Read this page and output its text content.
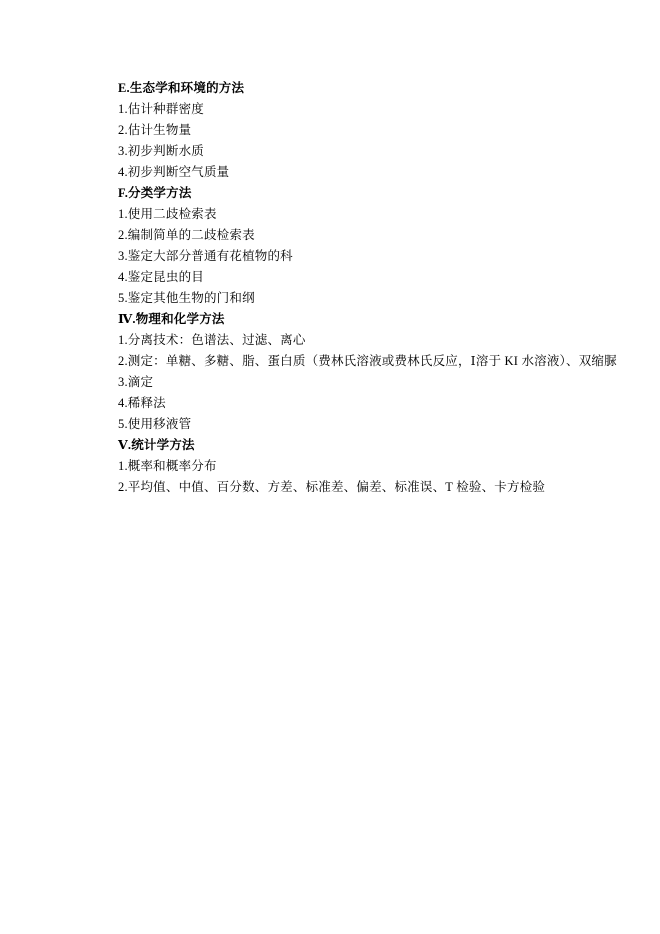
E.生态学和环境的方法
1.估计种群密度
2.估计生物量
3.初步判断水质
4.初步判断空气质量
F.分类学方法
1.使用二歧检索表
2.编制简单的二歧检索表
3.鉴定大部分普通有花植物的科
4.鉴定昆虫的目
5.鉴定其他生物的门和纲
Ⅳ.物理和化学方法
1.分离技术：色谱法、过滤、离心
2.测定：单糖、多糖、脂、蛋白质（费林氏溶液或费林氏反应，Ⅰ溶于 KI 水溶液）、双缩脲
3.滴定
4.稀释法
5.使用移液管
Ⅴ.统计学方法
1.概率和概率分布
2.平均值、中值、百分数、方差、标准差、偏差、标准误、T 检验、卡方检验
